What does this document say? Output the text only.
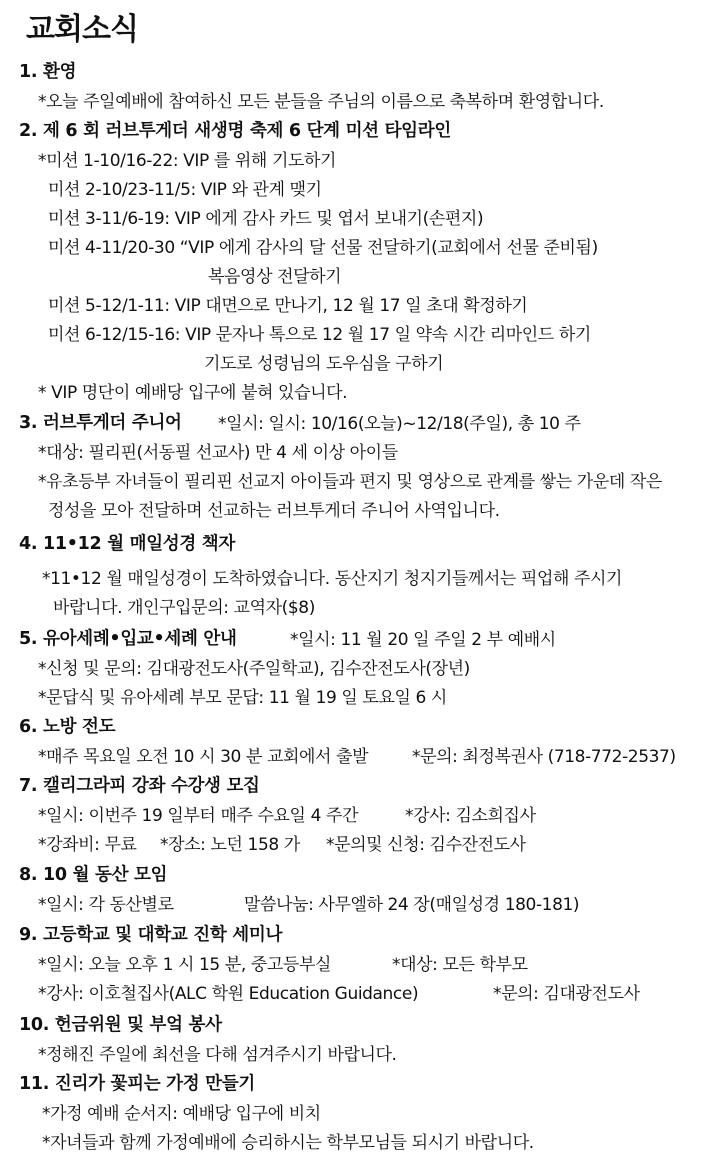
교회소식
1. 환영
*오늘 주일예배에 참여하신 모든 분들을 주님의 이름으로 축복하며 환영합니다.
2. 제 6 회 러브투게더 새생명 축제 6 단계 미션 타임라인
*미션 1-10/16-22: VIP 를 위해 기도하기
미션 2-10/23-11/5: VIP 와 관계 맺기
미션 3-11/6-19: VIP 에게 감사 카드 및 엽서 보내기(손편지)
미션 4-11/20-30 “VIP 에게 감사의 달 선물 전달하기(교회에서 선물 준비됨)
복음영상 전달하기
미션 5-12/1-11: VIP 대면으로 만나기, 12 월 17 일 초대 확정하기
미션 6-12/15-16: VIP 문자나 톡으로 12 월 17 일 약속 시간 리마인드 하기
기도로 성령님의 도우심을 구하기
* VIP 명단이 예배당 입구에 붙혀 있습니다.
3. 러브투게더 주니어 *일시: 일시: 10/16(오늘)~12/18(주일), 총 10 주
*대상: 필리핀(서동필 선교사) 만 4 세 이상 아이들
*유초등부 자녀들이 필리핀 선교지 아이들과 편지 및 영상으로 관계를 쌓는 가운데 작은
정성을 모아 전달하며 선교하는 러브투게더 주니어 사역입니다.
4. 11•12 월 매일성경 책자
*11•12 월 매일성경이 도착하였습니다. 동산지기 청지기들께서는 픽업해 주시기
바랍니다. 개인구입문의: 교역자($8)
5. 유아세례•입교•세례 안내	*일시: 11 월 20 일 주일 2 부 예배시
*신청 및 문의: 김대광전도사(주일학교), 김수잔전도사(장년)
*문답식 및 유아세례 부모 문답: 11 월 19 일 토요일 6 시
6. 노방 전도
*매주 목요일 오전 10 시 30 분 교회에서 출발	*문의: 최정복권사 (718-772-2537)
7. 캘리그라피 강좌 수강생 모집
*일시: 이번주 19 일부터 매주 수요일 4 주간	*강사: 김소희집사
*강좌비: 무료 *장소: 노던 158 가 *문의및 신청: 김수잔전도사
8. 10 월 동산 모임
*일시: 각 동산별로	말씀나눔: 사무엘하 24 장(매일성경 180-181)
9. 고등학교 및 대학교 진학 세미나
*일시: 오늘 오후 1 시 15 분, 중고등부실	*대상: 모든 학부모
*강사: 이호철집사(ALC 학원 Education Guidance)	*문의: 김대광전도사
10. 헌금위원 및 부엌 봉사
*정해진 주일에 최선을 다해 섬겨주시기 바랍니다.
11. 진리가 꽃피는 가정 만들기
*가정 예배 순서지: 예배당 입구에 비치
*자녀들과 함께 가정예배에 승리하시는 학부모님들 되시기 바랍니다.
